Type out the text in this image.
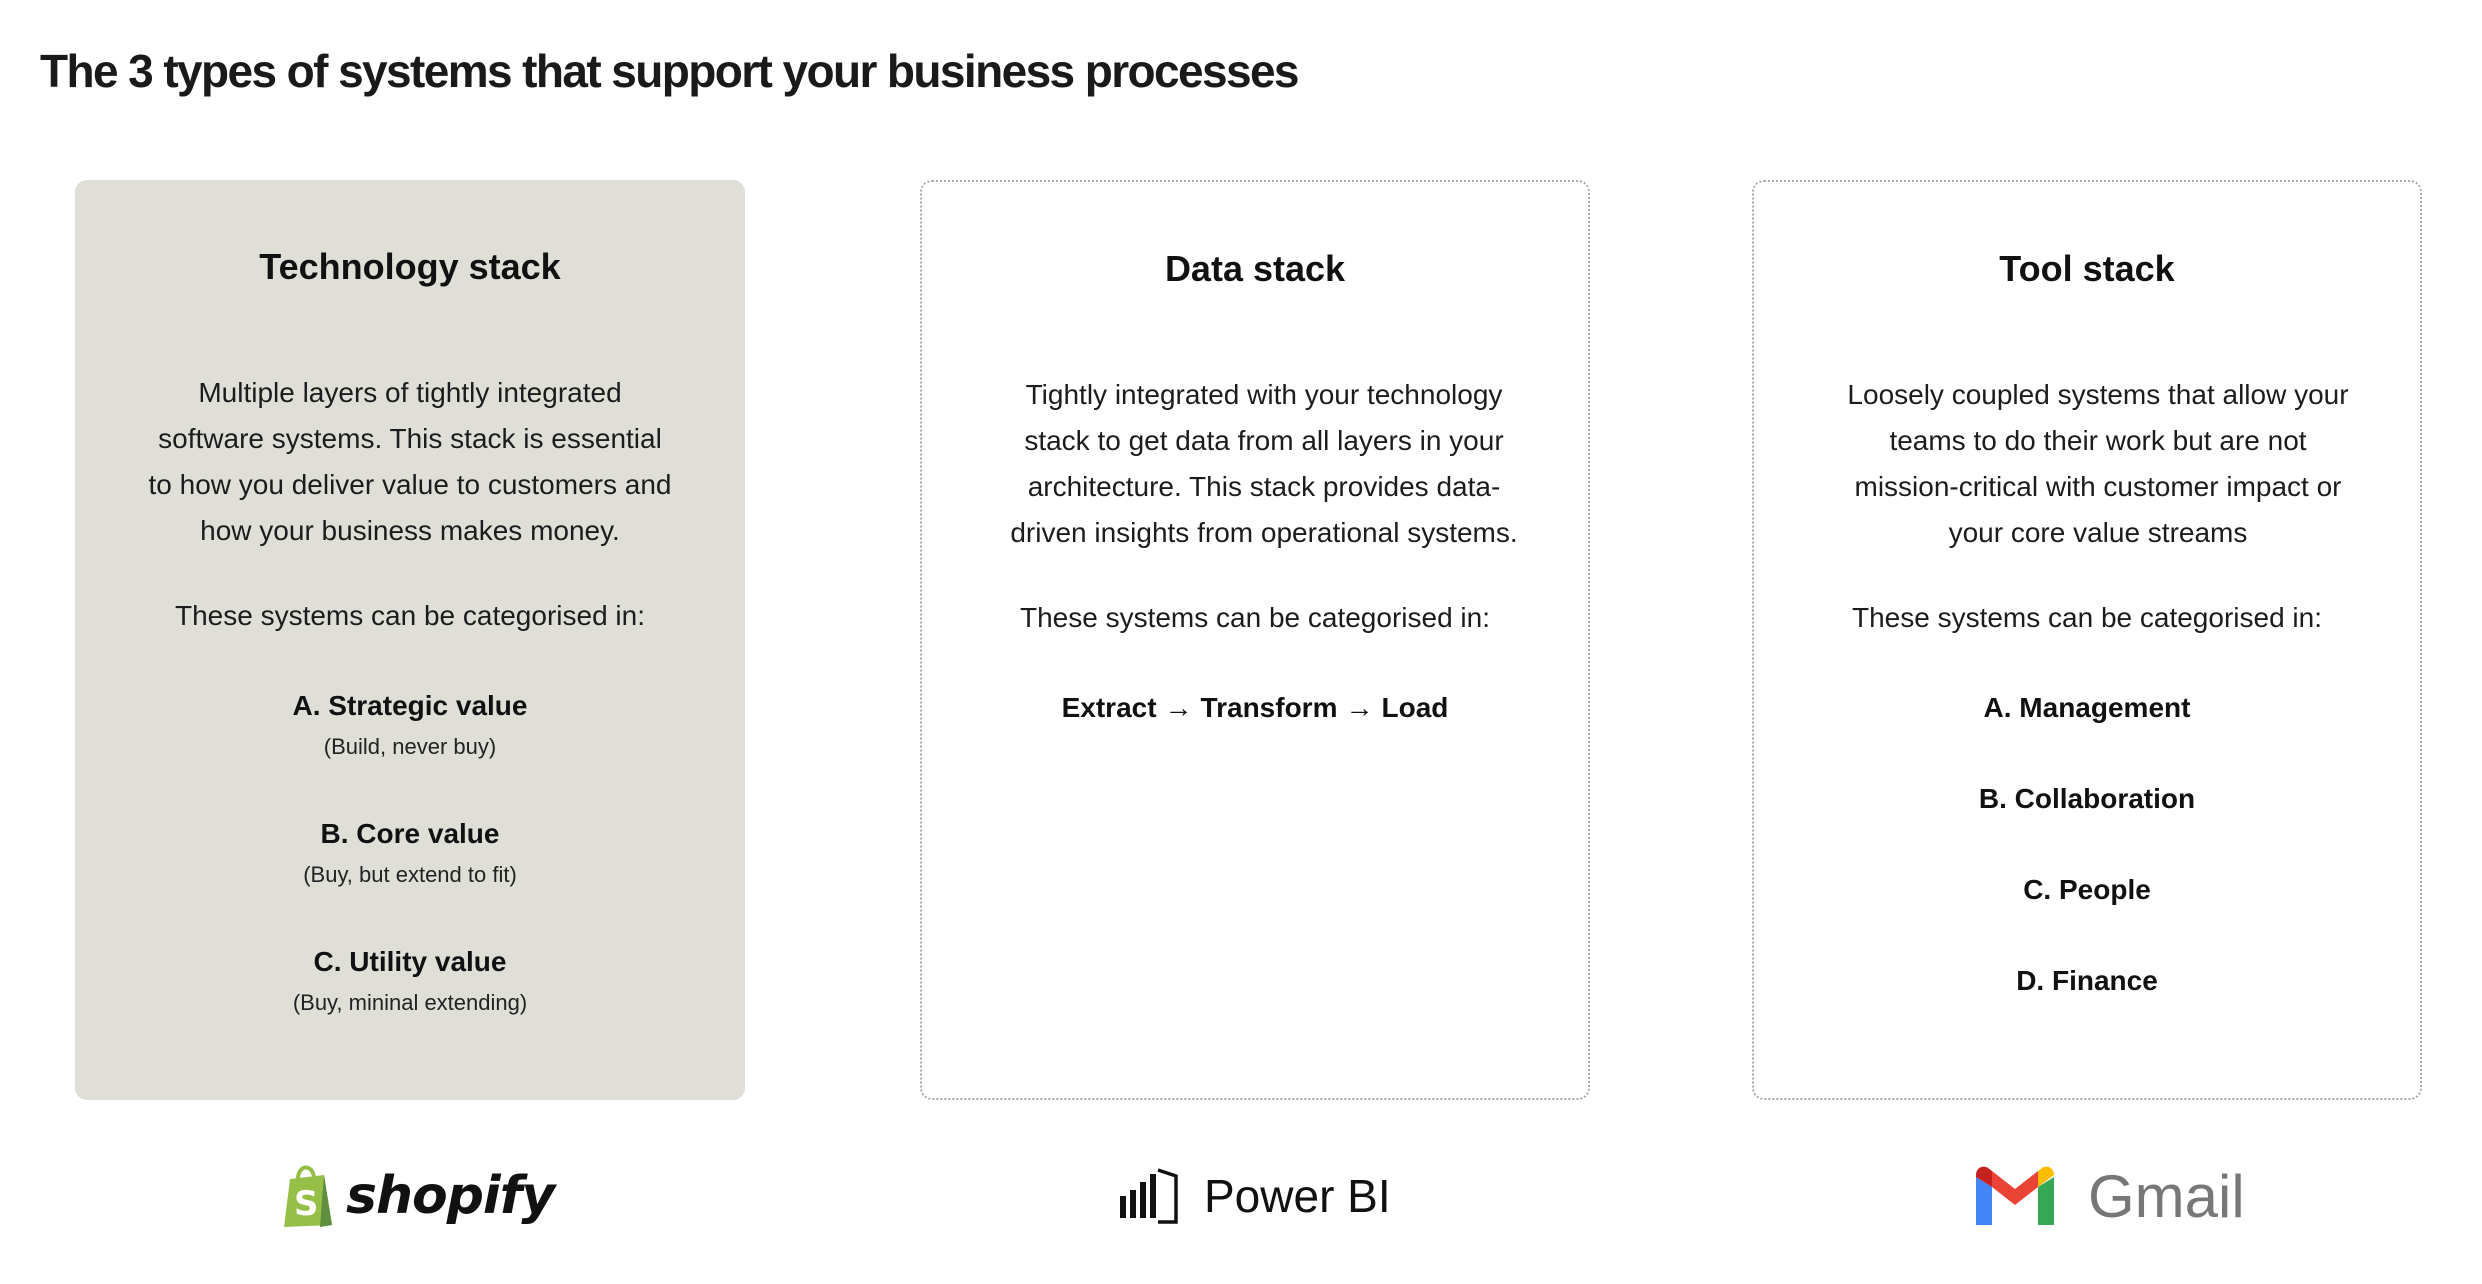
The 3 types of systems that support your business processes
Technology stack
Multiple layers of tightly integrated software systems. This stack is essential to how you deliver value to customers and how your business makes money.
These systems can be categorised in:
A. Strategic value
(Build, never buy)
B. Core value
(Buy, but extend to fit)
C. Utility value
(Buy, mininal extending)
Data stack
Tightly integrated with your technology stack to get data from all layers in your architecture. This stack provides data-driven insights from operational systems.
These systems can be categorised in:
Extract → Transform → Load
Tool stack
Loosely coupled systems that allow your teams to do their work but are not mission-critical with customer impact or your core value streams
These systems can be categorised in:
A. Management
B. Collaboration
C. People
D. Finance
S shopify	Power BI	Gmail
